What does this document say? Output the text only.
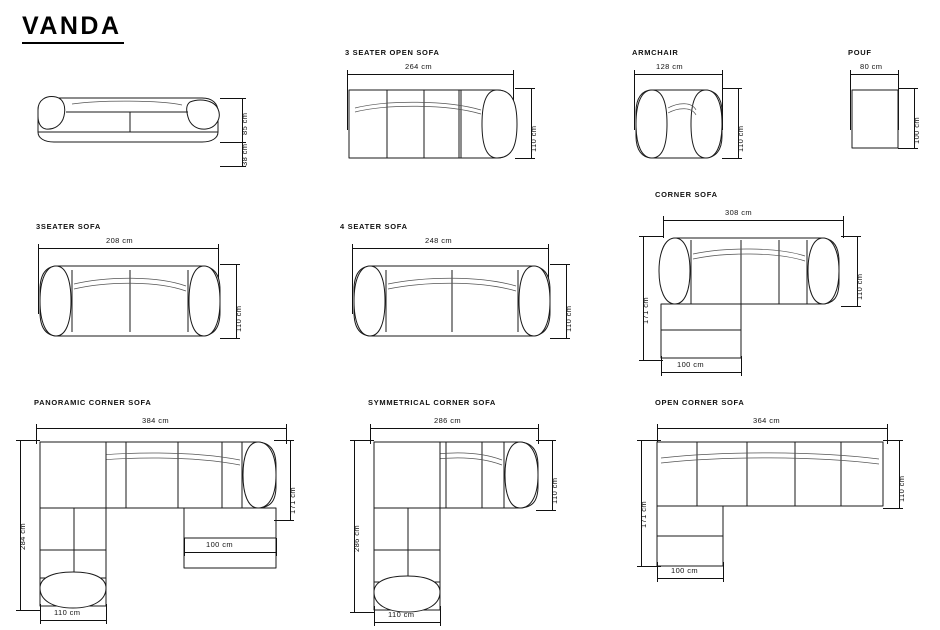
VANDA
85 cm
38 cm
3 SEATER OPEN SOFA
264 cm
110 cm
ARMCHAIR
128 cm
110 cm
POUF
80 cm
100 cm
3SEATER SOFA
208 cm
110 cm
4 SEATER SOFA
248 cm
110 cm
CORNER SOFA
308 cm
110 cm
171 cm
100 cm
PANORAMIC CORNER SOFA
384 cm
171 cm
284 cm	100 cm
110 cm
SYMMETRICAL CORNER SOFA
286 cm
110 cm
286 cm
110 cm
OPEN CORNER SOFA
364 cm
110 cm
171 cm
100 cm
